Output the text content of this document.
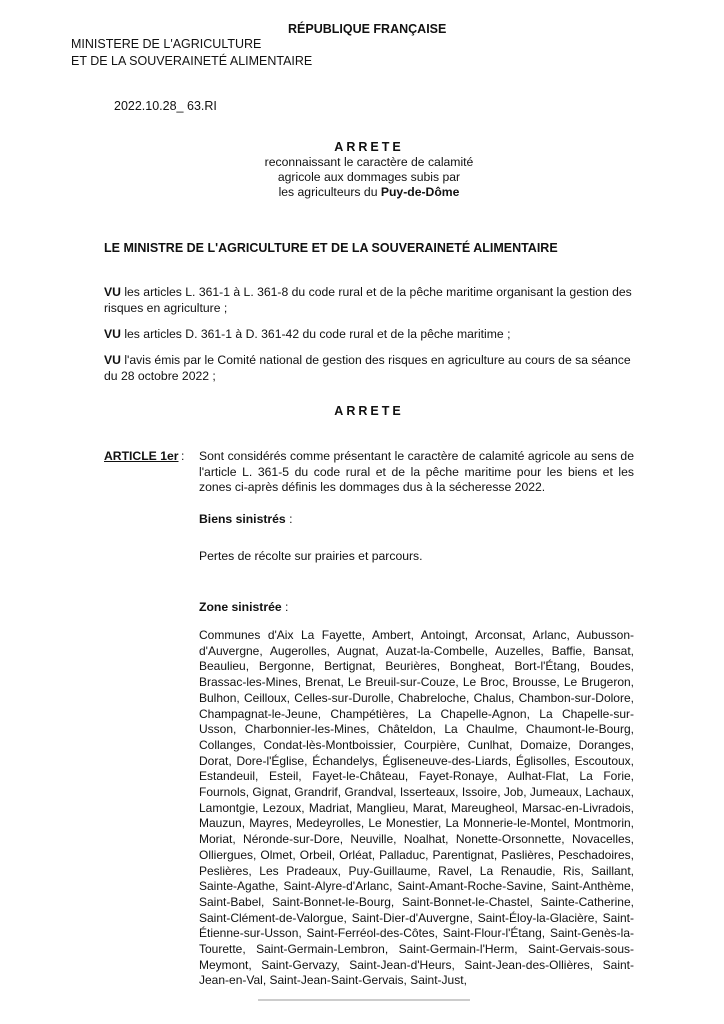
RÉPUBLIQUE FRANÇAISE
MINISTERE DE L'AGRICULTURE
ET DE LA SOUVERAINETÉ ALIMENTAIRE
2022.10.28_ 63.RI
ARRETE
reconnaissant le caractère de calamité
agricole aux dommages subis par
les agriculteurs du Puy-de-Dôme
LE MINISTRE DE L'AGRICULTURE ET DE LA SOUVERAINETÉ ALIMENTAIRE
VU les articles L. 361-1 à L. 361-8 du code rural et de la pêche maritime organisant la gestion des risques en agriculture ;
VU les articles D. 361-1 à D. 361-42 du code rural et de la pêche maritime ;
VU l'avis émis par le Comité national de gestion des risques en agriculture au cours de sa séance du 28 octobre 2022 ;
ARRETE
ARTICLE 1er : Sont considérés comme présentant le caractère de calamité agricole au sens de l'article L. 361-5 du code rural et de la pêche maritime pour les biens et les zones ci-après définis les dommages dus à la sécheresse 2022.
Biens sinistrés :
Pertes de récolte sur prairies et parcours.
Zone sinistrée :
Communes d'Aix La Fayette, Ambert, Antoingt, Arconsat, Arlanc, Aubusson-d'Auvergne, Augerolles, Augnat, Auzat-la-Combelle, Auzelles, Baffie, Bansat, Beaulieu, Bergonne, Bertignat, Beurières, Bongheat, Bort-l'Étang, Boudes, Brassac-les-Mines, Brenat, Le Breuil-sur-Couze, Le Broc, Brousse, Le Brugeron, Bulhon, Ceilloux, Celles-sur-Durolle, Chabreloche, Chalus, Chambon-sur-Dolore, Champagnat-le-Jeune, Champétières, La Chapelle-Agnon, La Chapelle-sur-Usson, Charbonnier-les-Mines, Châteldon, La Chaulme, Chaumont-le-Bourg, Collanges, Condat-lès-Montboissier, Courpière, Cunlhat, Domaize, Doranges, Dorat, Dore-l'Église, Échandelys, Égliseneuve-des-Liards, Églisolles, Escoutoux, Estandeuil, Esteil, Fayet-le-Château, Fayet-Ronaye, Aulhat-Flat, La Forie, Fournols, Gignat, Grandrif, Grandval, Isserteaux, Issoire, Job, Jumeaux, Lachaux, Lamontgie, Lezoux, Madriat, Manglieu, Marat, Mareugheol, Marsac-en-Livradois, Mauzun, Mayres, Medeyrolles, Le Monestier, La Monnerie-le-Montel, Montmorin, Moriat, Néronde-sur-Dore, Neuville, Noalhat, Nonette-Orsonnette, Novacelles, Olliergues, Olmet, Orbeil, Orléat, Palladuc, Parentignat, Paslières, Peschadoires, Peslières, Les Pradeaux, Puy-Guillaume, Ravel, La Renaudie, Ris, Saillant, Sainte-Agathe, Saint-Alyre-d'Arlanc, Saint-Amant-Roche-Savine, Saint-Anthème, Saint-Babel, Saint-Bonnet-le-Bourg, Saint-Bonnet-le-Chastel, Sainte-Catherine, Saint-Clément-de-Valorgue, Saint-Dier-d'Auvergne, Saint-Éloy-la-Glacière, Saint-Étienne-sur-Usson, Saint-Ferréol-des-Côtes, Saint-Flour-l'Étang, Saint-Genès-la-Tourette, Saint-Germain-Lembron, Saint-Germain-l'Herm, Saint-Gervais-sous-Meymont, Saint-Gervazy, Saint-Jean-d'Heurs, Saint-Jean-des-Ollières, Saint-Jean-en-Val, Saint-Jean-Saint-Gervais, Saint-Just,
